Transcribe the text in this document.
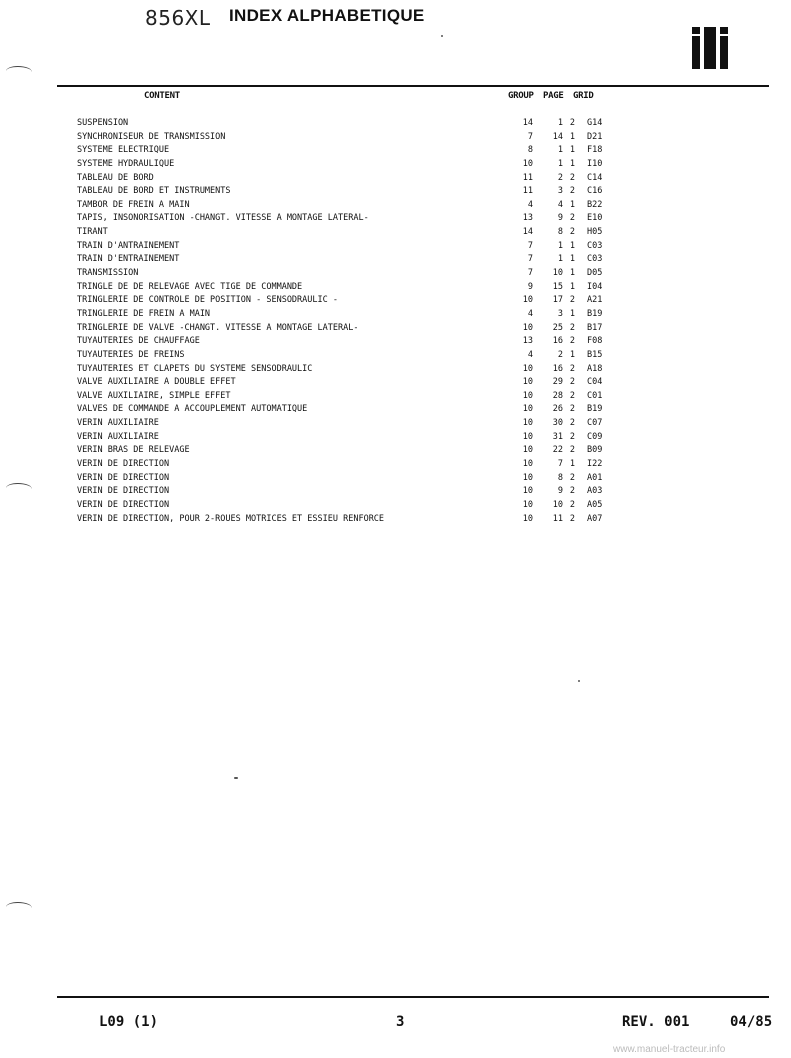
856XL INDEX ALPHABETIQUE
CONTENT	GROUP PAGE GRID
SUSPENSION	14	1 2 G14
SYNCHRONISEUR DE TRANSMISSION	7	14 1 D21
SYSTEME ELECTRIQUE	8	1 1 F18
SYSTEME HYDRAULIQUE	10	1 1 I10
TABLEAU DE BORD	11	2 2 C14
TABLEAU DE BORD ET INSTRUMENTS	11	3 2 C16
TAMBOR DE FREIN A MAIN	4	4 1 B22
TAPIS, INSONORISATION -CHANGT. VITESSE A MONTAGE LATERAL-	13	9 2 E10
TIRANT	14	8 2 H05
TRAIN D'ANTRAINEMENT	7	1 1 C03
TRAIN D'ENTRAINEMENT	7	1 1 C03
TRANSMISSION	7	10 1 D05
TRINGLE DE DE RELEVAGE AVEC TIGE DE COMMANDE	9	15 1 I04
TRINGLERIE DE CONTROLE DE POSITION - SENSODRAULIC -	10	17 2 A21
TRINGLERIE DE FREIN A MAIN	4	3 1 B19
TRINGLERIE DE VALVE -CHANGT. VITESSE A MONTAGE LATERAL-	10	25 2 B17
TUYAUTERIES DE CHAUFFAGE	13	16 2 F08
TUYAUTERIES DE FREINS	4	2 1 B15
TUYAUTERIES ET CLAPETS DU SYSTEME SENSODRAULIC	10	16 2 A18
VALVE AUXILIAIRE A DOUBLE EFFET	10	29 2 C04
VALVE AUXILIAIRE, SIMPLE EFFET	10	28 2 C01
VALVES DE COMMANDE A ACCOUPLEMENT AUTOMATIQUE	10	26 2 B19
VERIN AUXILIAIRE	10	30 2 C07
VERIN AUXILIAIRE	10	31 2 C09
VERIN BRAS DE RELEVAGE	10	22 2 B09
VERIN DE DIRECTION	10	7 1 I22
VERIN DE DIRECTION	10	8 2 A01
VERIN DE DIRECTION	10	9 2 A03
VERIN DE DIRECTION	10	10 2 A05
VERIN DE DIRECTION, POUR 2-ROUES MOTRICES ET ESSIEU RENFORCE	10	11 2 A07
L09 (1)	3	REV. 001	04/85
www.manuel-tracteur.info
